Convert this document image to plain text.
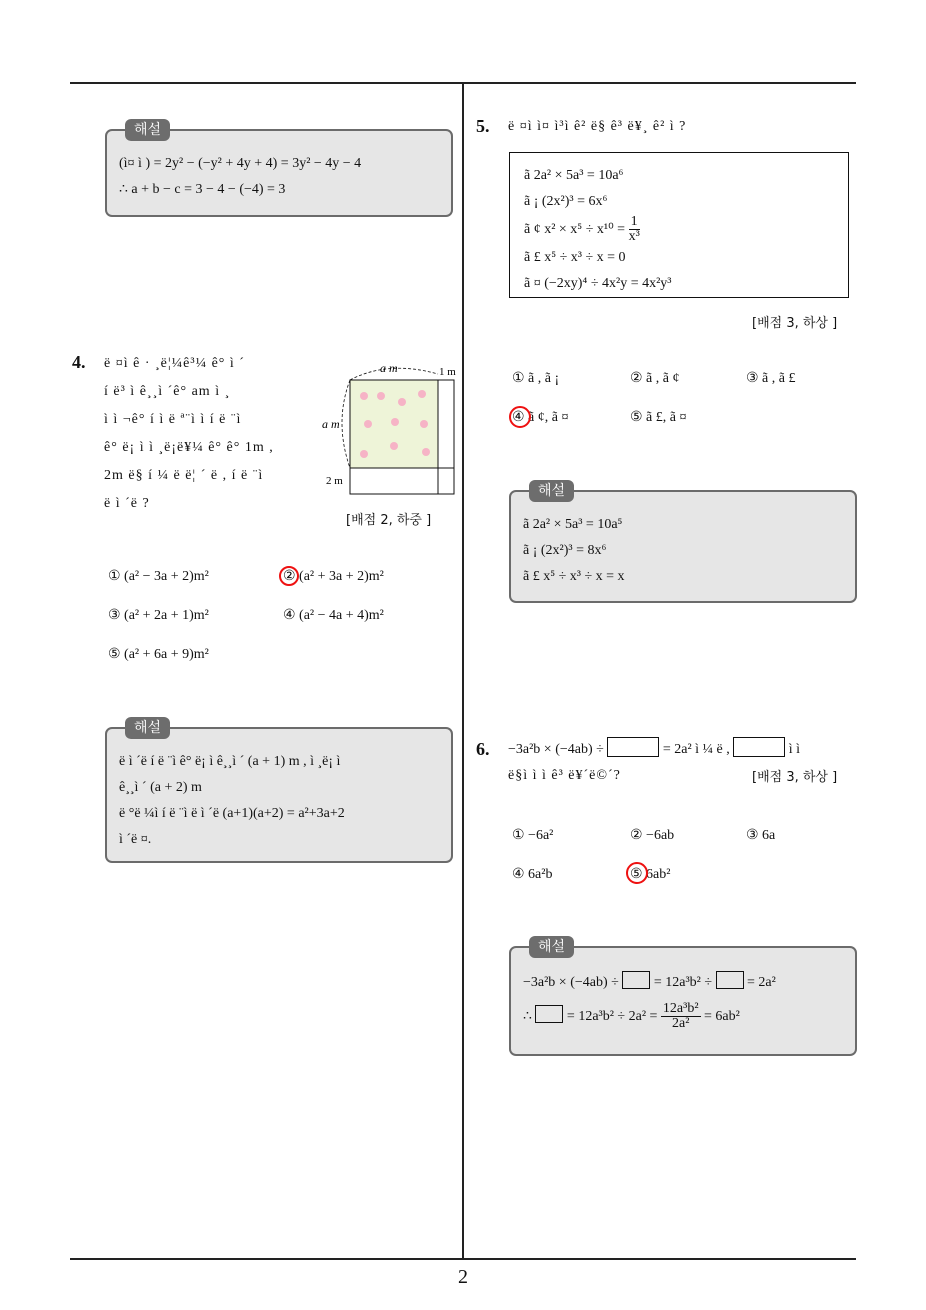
2
해설
(ì¤ ì ) = 2y² − (−y² + 4y + 4) = 3y² − 4y − 4
∴ a + b − c = 3 − 4 − (−4) = 3
4. ë ¤ì ê · ¸ë¦¼ê³¼ ê° ì ´
í ë³ ì ê¸¸ì ´ê° am ì ¸
ì ì ¬ê° í ì ë ª¨ì ì í ë ¨ì
ê° ë¡ ì ì ¸ë¡ë¥¼ ê° ê° 1m ,
2m ë§ í ¼ ë ë¦ ´ ë , í ë ¨ì
ë ì ´ë ?
a m	1 m
a m
2 m
[배점 2, 하중 ]
① (a² − 3a + 2)m²	② (a² + 3a + 2)m²
③ (a² + 2a + 1)m²	④ (a² − 4a + 4)m²
⑤ (a² + 6a + 9)m²
해설
ë ì ´ë í ë ¨ì ê° ë¡ ì ê¸¸ì ´ (a + 1) m , ì ¸ë¡ ì
ê¸¸ì ´ (a + 2) m
ë °ë ¼ì í ë ¨ì ë ì ´ë (a+1)(a+2) = a²+3a+2
ì ´ë ¤.
5. ë ¤ì ì¤ ì³ì ê² ë§ ê³ ë¥¸ ê² ì ?
ã 2a² × 5a³ = 10a⁶
ã ¡ (2x²)³ = 6x⁶
ã ¢ $x^2 \times x^5 \div x^{10} = \frac{1}{\text{x³}}$
ã £ x⁵ ÷ x³ ÷ x = 0
ã ¤ (−2xy)⁴ ÷ 4x²y = 4x²y³
[배점 3, 하상 ]
① ã , ã ¡	② ã , ã ¢	③ ã , ã £
④ ã ¢, ã ¤	⑤ ã £, ã ¤
해설
ã 2a² × 5a³ = 10a⁵
ã ¡ (2x²)³ = 8x⁶
ã £ x⁵ ÷ x³ ÷ x = x
6. −3a²b × (−4ab) ÷	= 2a² ì ¼ ë ,	ì ì
ë§ì ì ì ê³ ë¥´ë©´?	[배점 3, 하상 ]
① −6a²	② −6ab	③ 6a
④ 6a²b	⑤ 6ab²
해설
−3a²b × (−4ab) ÷	= 12a³b² ÷	= 2a²
∴	= $12a^3b^2 \div 2a^2 = \frac{\text{12a³b²}}{\text{2a²}} = 6ab^2$
